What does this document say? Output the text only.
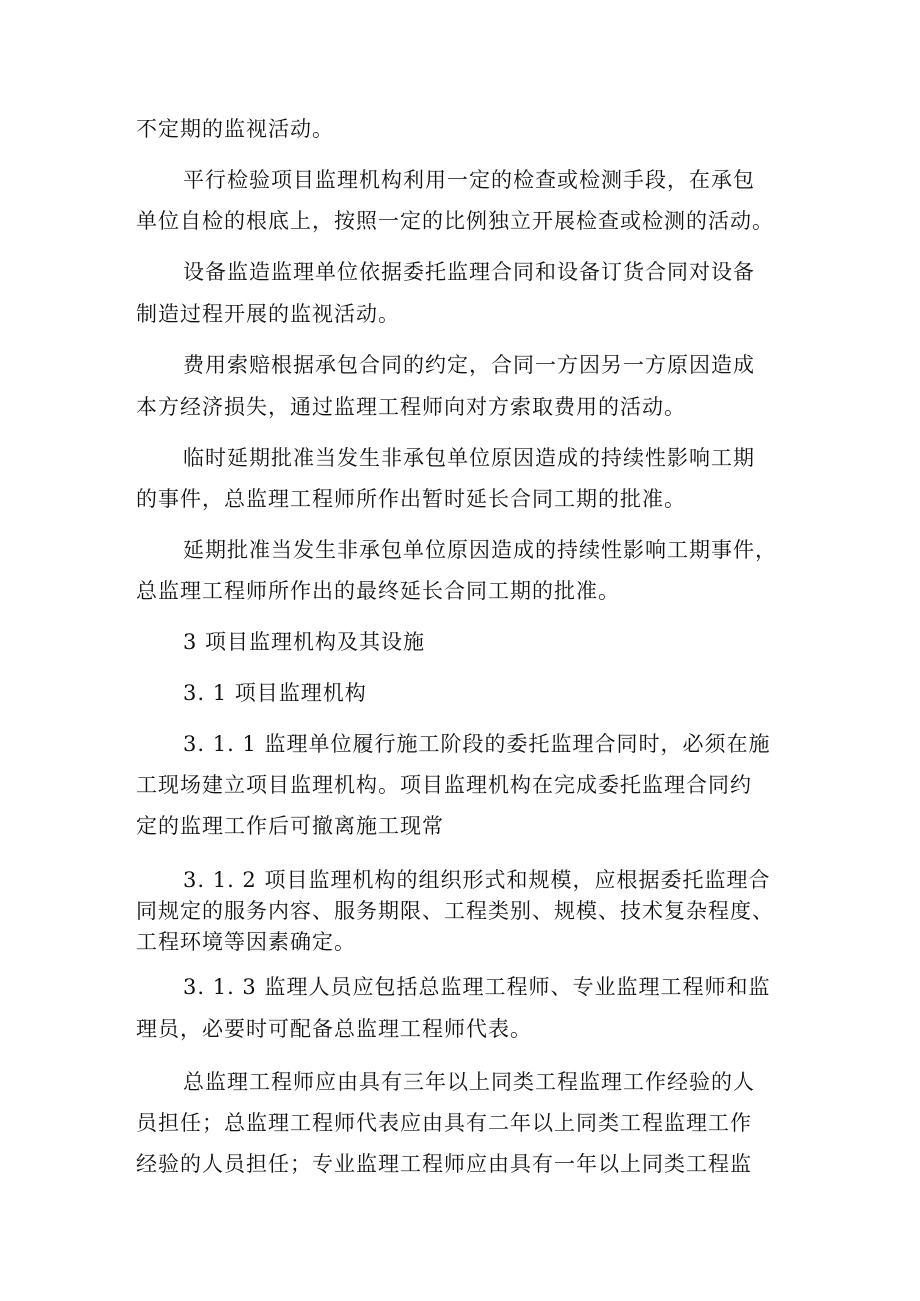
不定期的监视活动。
平行检验项目监理机构利用一定的检查或检测手段，在承包
单位自检的根底上，按照一定的比例独立开展检查或检测的活动。
设备监造监理单位依据委托监理合同和设备订货合同对设备
制造过程开展的监视活动。
费用索赔根据承包合同的约定，合同一方因另一方原因造成
本方经济损失，通过监理工程师向对方索取费用的活动。
临时延期批准当发生非承包单位原因造成的持续性影响工期
的事件，总监理工程师所作出暂时延长合同工期的批准。
延期批准当发生非承包单位原因造成的持续性影响工期事件，
总监理工程师所作出的最终延长合同工期的批准。
3 项目监理机构及其设施
3. 1 项目监理机构
3. 1. 1 监理单位履行施工阶段的委托监理合同时，必须在施
工现场建立项目监理机构。项目监理机构在完成委托监理合同约
定的监理工作后可撤离施工现常
3. 1. 2 项目监理机构的组织形式和规模，应根据委托监理合
同规定的服务内容、服务期限、工程类别、规模、技术复杂程度、
工程环境等因素确定。
3. 1. 3 监理人员应包括总监理工程师、专业监理工程师和监
理员，必要时可配备总监理工程师代表。
总监理工程师应由具有三年以上同类工程监理工作经验的人
员担任；总监理工程师代表应由具有二年以上同类工程监理工作
经验的人员担任；专业监理工程师应由具有一年以上同类工程监
